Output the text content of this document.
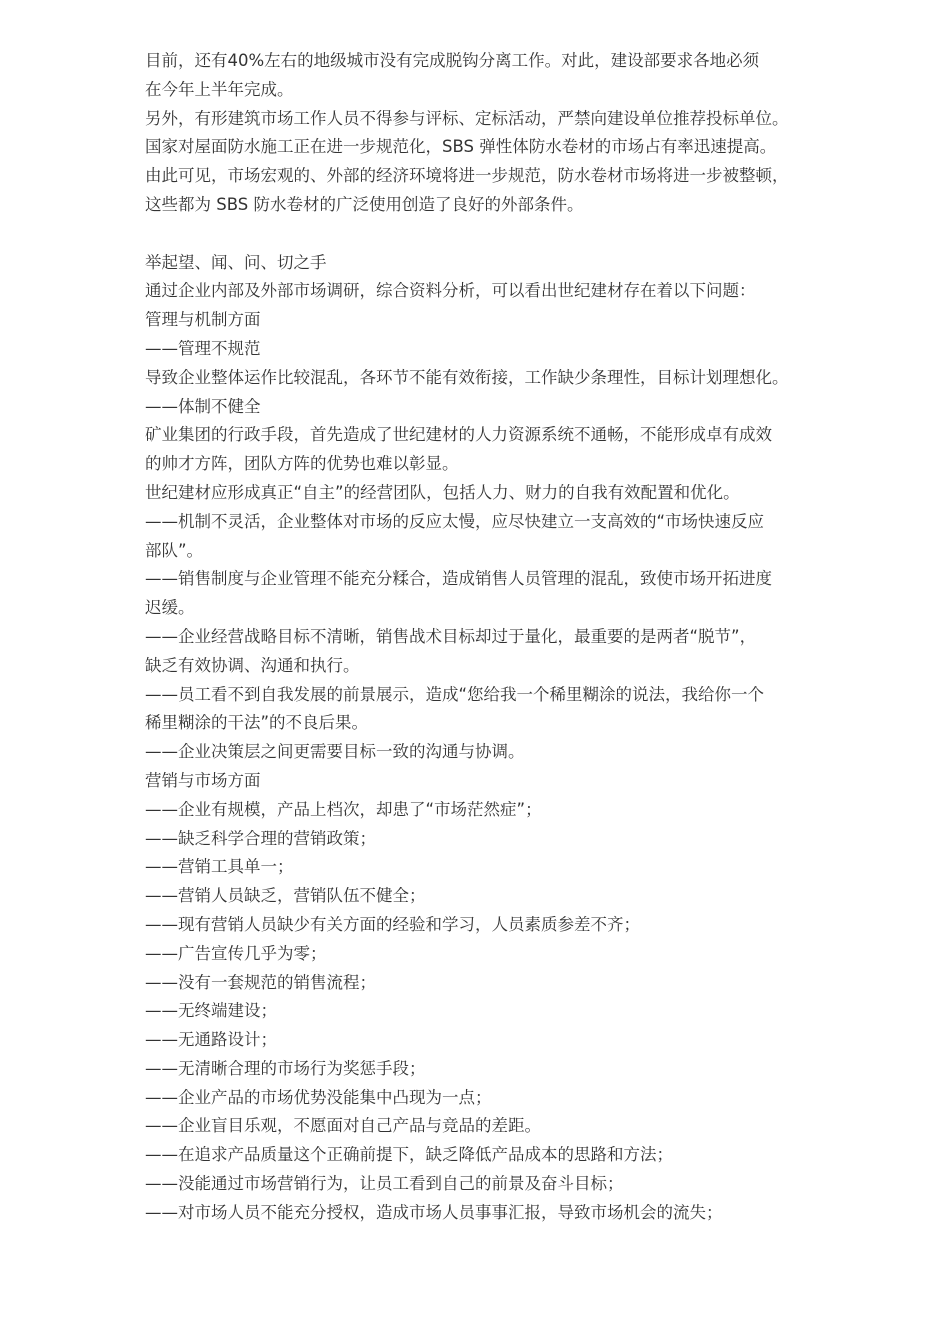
目前，还有40%左右的地级城市没有完成脱钩分离工作。对此，建设部要求各地必须
在今年上半年完成。
另外，有形建筑市场工作人员不得参与评标、定标活动，严禁向建设单位推荐投标单位。
国家对屋面防水施工正在进一步规范化，SBS 弹性体防水卷材的市场占有率迅速提高。
由此可见，市场宏观的、外部的经济环境将进一步规范，防水卷材市场将进一步被整顿，
这些都为 SBS 防水卷材的广泛使用创造了良好的外部条件。
举起望、闻、问、切之手
通过企业内部及外部市场调研，综合资料分析，可以看出世纪建材存在着以下问题：
管理与机制方面
——管理不规范
导致企业整体运作比较混乱，各环节不能有效衔接，工作缺少条理性，目标计划理想化。
——体制不健全
矿业集团的行政手段，首先造成了世纪建材的人力资源系统不通畅，不能形成卓有成效
的帅才方阵，团队方阵的优势也难以彰显。
世纪建材应形成真正“自主”的经营团队，包括人力、财力的自我有效配置和优化。
——机制不灵活，企业整体对市场的反应太慢，应尽快建立一支高效的“市场快速反应
部队”。
——销售制度与企业管理不能充分糅合，造成销售人员管理的混乱，致使市场开拓进度
迟缓。
——企业经营战略目标不清晰，销售战术目标却过于量化，最重要的是两者“脱节”，
缺乏有效协调、沟通和执行。
——员工看不到自我发展的前景展示，造成“您给我一个稀里糊涂的说法，我给你一个
稀里糊涂的干法”的不良后果。
——企业决策层之间更需要目标一致的沟通与协调。
营销与市场方面
——企业有规模，产品上档次，却患了“市场茫然症”；
——缺乏科学合理的营销政策；
——营销工具单一；
——营销人员缺乏，营销队伍不健全；
——现有营销人员缺少有关方面的经验和学习，人员素质参差不齐；
——广告宣传几乎为零；
——没有一套规范的销售流程；
——无终端建设；
——无通路设计；
——无清晰合理的市场行为奖惩手段；
——企业产品的市场优势没能集中凸现为一点；
——企业盲目乐观，不愿面对自己产品与竞品的差距。
——在追求产品质量这个正确前提下，缺乏降低产品成本的思路和方法；
——没能通过市场营销行为，让员工看到自己的前景及奋斗目标；
——对市场人员不能充分授权，造成市场人员事事汇报，导致市场机会的流失；
